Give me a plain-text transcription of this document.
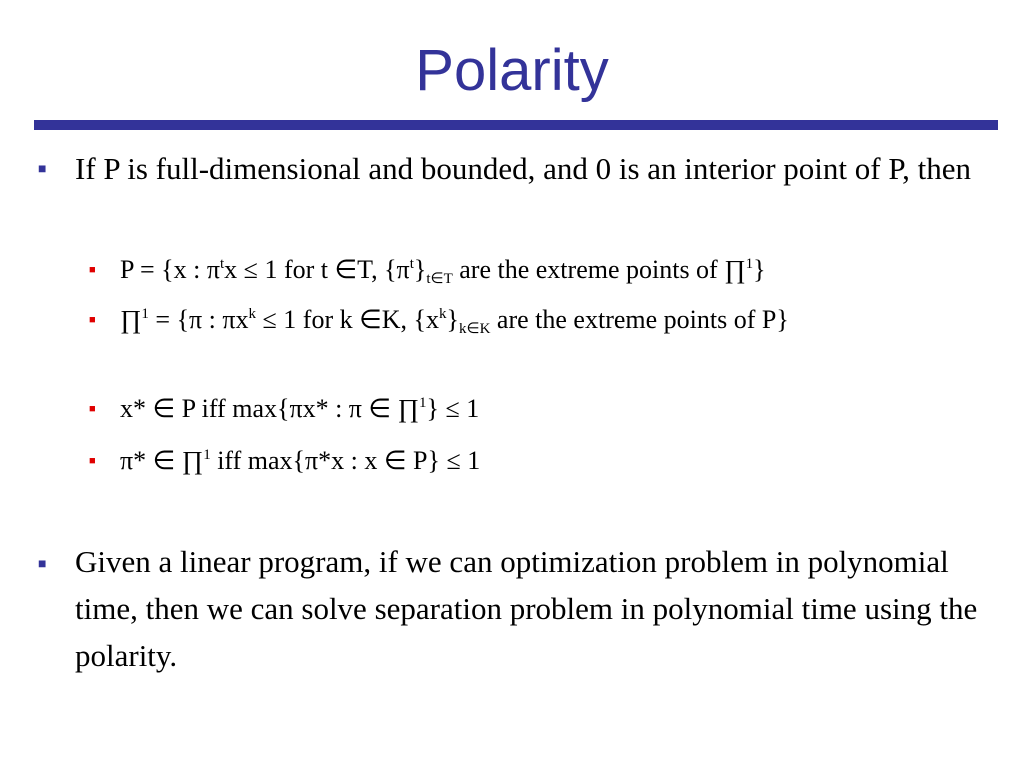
Polarity
■ If P is full-dimensional and bounded, and 0 is an interior point of P, then
■ P = {x : $\pi^tx \le 1$ for t ∈T, $\{\pi^t\}_{t\in T}$ are the extreme points of ∏$^1$}
■ ∏$^1$ = {π : $\pi x^k \le 1$ for k ∈K, $\{x^k\}_{k\in K}$ are the extreme points of P}
■ x* ∈ P iff max{πx* : π ∈ ∏$^1$} ≤ 1
■ π* ∈ ∏$^1$ iff max{π*x : x ∈ P} ≤ 1
■ Given a linear program, if we can optimization problem in polynomial time, then we can solve separation problem in polynomial time using the polarity.
